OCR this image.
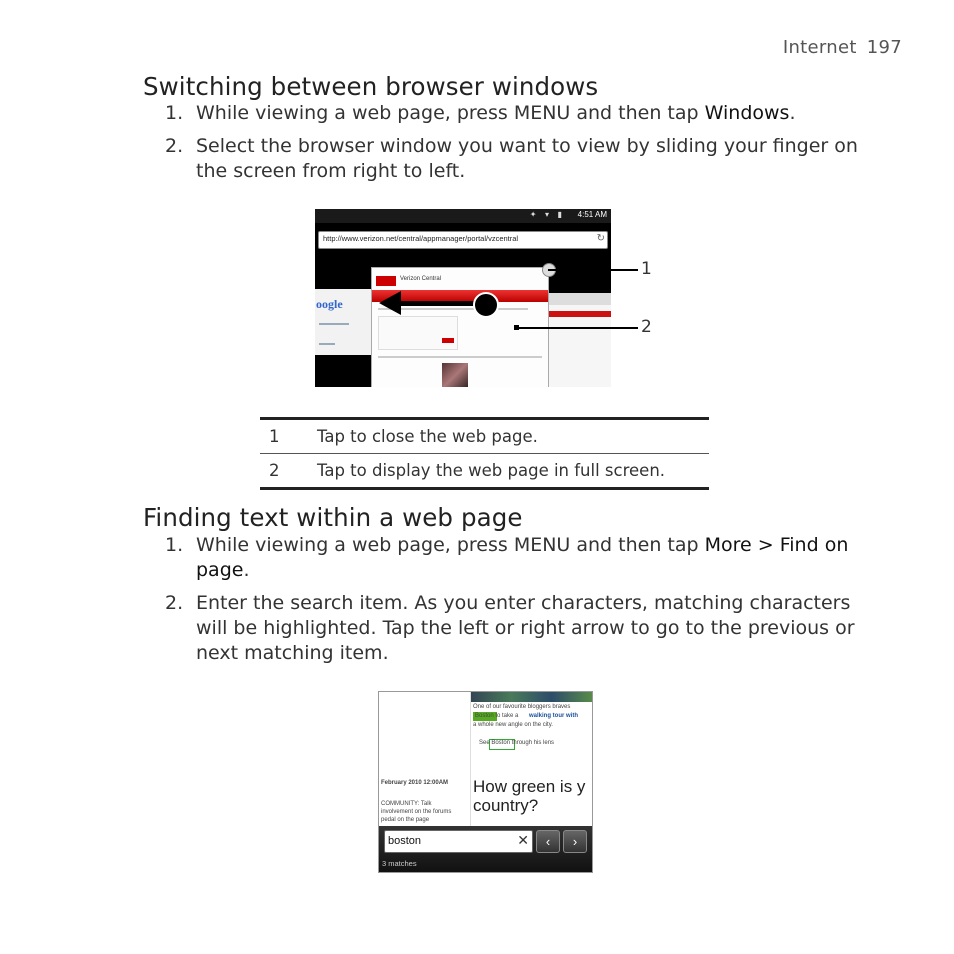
Internet 197
Switching between browser windows
1. While viewing a web page, press MENU and then tap Windows.
2. Select the browser window you want to view by sliding your finger on the screen from right to left.
✦ ▾ ▮ 4:51 AM
http://www.verizon.net/central/appmanager/portal/vzcentral	↻
oogle
Verizon Central	1
2
1	Tap to close the web page.
2	Tap to display the web page in full screen.
Finding text within a web page
1. While viewing a web page, press MENU and then tap More > Find on page.
2. Enter the search item. As you enter characters, matching characters will be highlighted. Tap the left or right arrow to go to the previous or next matching item.
One of our favourite bloggers braves
Boston to take a walking tour with
a whole new angle on the city.
See Boston through his lens
February 2010 12:00AM
COMMUNITY: Talk
involvement on the forums
pedal on the page
How green is y
country?
boston	✕	‹	›
3 matches
